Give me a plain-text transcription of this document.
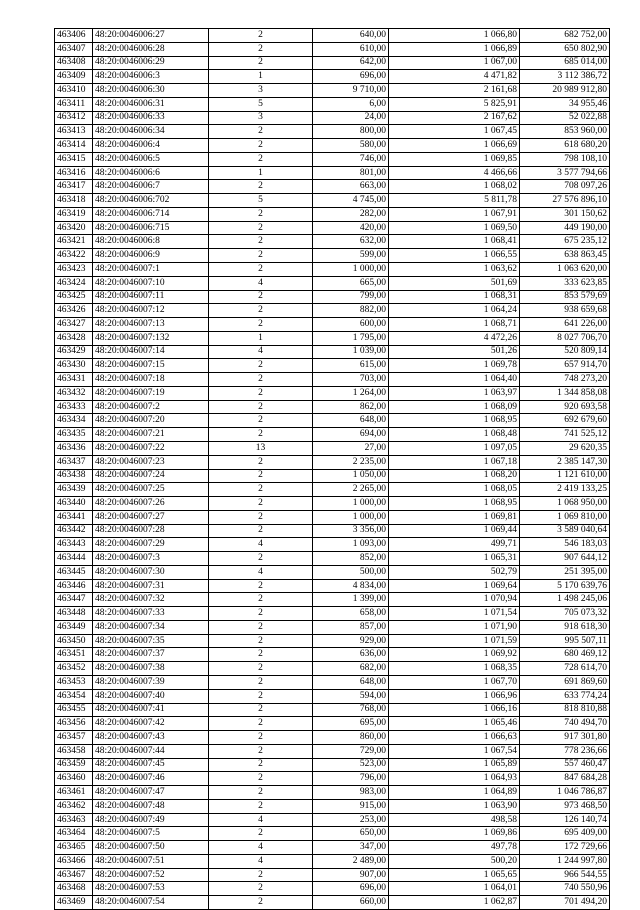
463406	48:20:0046006:27	2	640,00	1 066,80	682 752,00
463407	48:20:0046006:28	2	610,00	1 066,89	650 802,90
463408	48:20:0046006:29	2	642,00	1 067,00	685 014,00
463409	48:20:0046006:3	1	696,00	4 471,82	3 112 386,72
463410	48:20:0046006:30	3	9 710,00	2 161,68	20 989 912,80
463411	48:20:0046006:31	5	6,00	5 825,91	34 955,46
463412	48:20:0046006:33	3	24,00	2 167,62	52 022,88
463413	48:20:0046006:34	2	800,00	1 067,45	853 960,00
463414	48:20:0046006:4	2	580,00	1 066,69	618 680,20
463415	48:20:0046006:5	2	746,00	1 069,85	798 108,10
463416	48:20:0046006:6	1	801,00	4 466,66	3 577 794,66
463417	48:20:0046006:7	2	663,00	1 068,02	708 097,26
463418	48:20:0046006:702	5	4 745,00	5 811,78	27 576 896,10
463419	48:20:0046006:714	2	282,00	1 067,91	301 150,62
463420	48:20:0046006:715	2	420,00	1 069,50	449 190,00
463421	48:20:0046006:8	2	632,00	1 068,41	675 235,12
463422	48:20:0046006:9	2	599,00	1 066,55	638 863,45
463423	48:20:0046007:1	2	1 000,00	1 063,62	1 063 620,00
463424	48:20:0046007:10	4	665,00	501,69	333 623,85
463425	48:20:0046007:11	2	799,00	1 068,31	853 579,69
463426	48:20:0046007:12	2	882,00	1 064,24	938 659,68
463427	48:20:0046007:13	2	600,00	1 068,71	641 226,00
463428	48:20:0046007:132	1	1 795,00	4 472,26	8 027 706,70
463429	48:20:0046007:14	4	1 039,00	501,26	520 809,14
463430	48:20:0046007:15	2	615,00	1 069,78	657 914,70
463431	48:20:0046007:18	2	703,00	1 064,40	748 273,20
463432	48:20:0046007:19	2	1 264,00	1 063,97	1 344 858,08
463433	48:20:0046007:2	2	862,00	1 068,09	920 693,58
463434	48:20:0046007:20	2	648,00	1 068,95	692 679,60
463435	48:20:0046007:21	2	694,00	1 068,48	741 525,12
463436	48:20:0046007:22	13	27,00	1 097,05	29 620,35
463437	48:20:0046007:23	2	2 235,00	1 067,18	2 385 147,30
463438	48:20:0046007:24	2	1 050,00	1 068,20	1 121 610,00
463439	48:20:0046007:25	2	2 265,00	1 068,05	2 419 133,25
463440	48:20:0046007:26	2	1 000,00	1 068,95	1 068 950,00
463441	48:20:0046007:27	2	1 000,00	1 069,81	1 069 810,00
463442	48:20:0046007:28	2	3 356,00	1 069,44	3 589 040,64
463443	48:20:0046007:29	4	1 093,00	499,71	546 183,03
463444	48:20:0046007:3	2	852,00	1 065,31	907 644,12
463445	48:20:0046007:30	4	500,00	502,79	251 395,00
463446	48:20:0046007:31	2	4 834,00	1 069,64	5 170 639,76
463447	48:20:0046007:32	2	1 399,00	1 070,94	1 498 245,06
463448	48:20:0046007:33	2	658,00	1 071,54	705 073,32
463449	48:20:0046007:34	2	857,00	1 071,90	918 618,30
463450	48:20:0046007:35	2	929,00	1 071,59	995 507,11
463451	48:20:0046007:37	2	636,00	1 069,92	680 469,12
463452	48:20:0046007:38	2	682,00	1 068,35	728 614,70
463453	48:20:0046007:39	2	648,00	1 067,70	691 869,60
463454	48:20:0046007:40	2	594,00	1 066,96	633 774,24
463455	48:20:0046007:41	2	768,00	1 066,16	818 810,88
463456	48:20:0046007:42	2	695,00	1 065,46	740 494,70
463457	48:20:0046007:43	2	860,00	1 066,63	917 301,80
463458	48:20:0046007:44	2	729,00	1 067,54	778 236,66
463459	48:20:0046007:45	2	523,00	1 065,89	557 460,47
463460	48:20:0046007:46	2	796,00	1 064,93	847 684,28
463461	48:20:0046007:47	2	983,00	1 064,89	1 046 786,87
463462	48:20:0046007:48	2	915,00	1 063,90	973 468,50
463463	48:20:0046007:49	4	253,00	498,58	126 140,74
463464	48:20:0046007:5	2	650,00	1 069,86	695 409,00
463465	48:20:0046007:50	4	347,00	497,78	172 729,66
463466	48:20:0046007:51	4	2 489,00	500,20	1 244 997,80
463467	48:20:0046007:52	2	907,00	1 065,65	966 544,55
463468	48:20:0046007:53	2	696,00	1 064,01	740 550,96
463469	48:20:0046007:54	2	660,00	1 062,87	701 494,20
